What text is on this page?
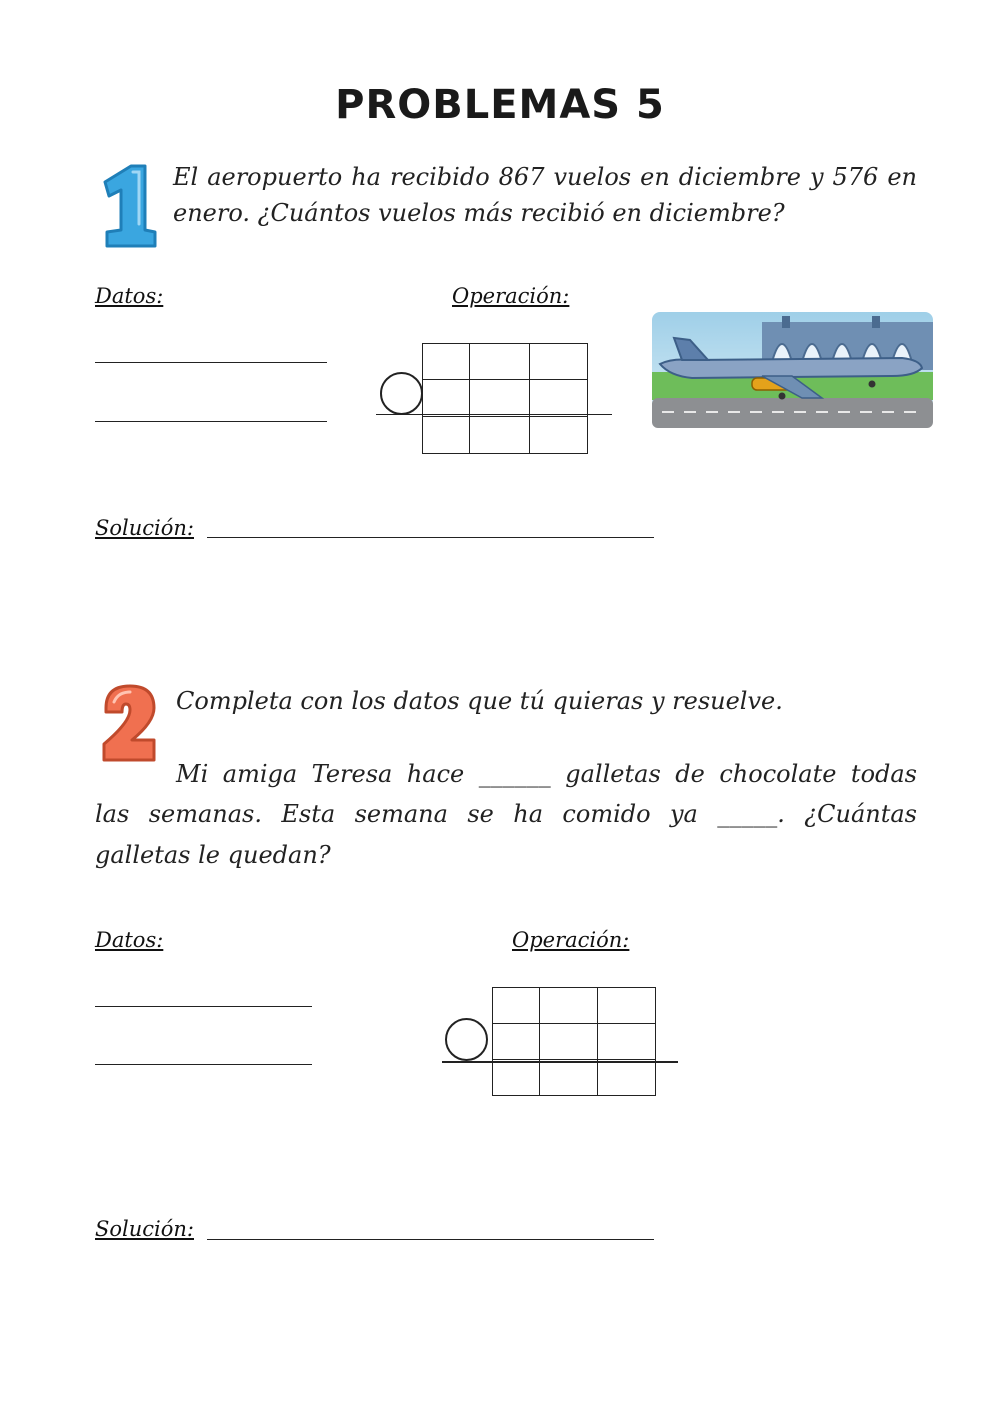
PROBLEMAS 5
El aeropuerto ha recibido 867 vuelos en diciembre y 576 en
enero. ¿Cuántos vuelos más recibió en diciembre?
Datos:	Operación:

Solución:
Completa con los datos que tú quieras y resuelve.
Mi amiga Teresa hace ______ galletas de chocolate todas
las semanas. Esta semana se ha comido ya _____. ¿Cuántas
galletas le quedan?
Datos:	Operación:

Solución:
